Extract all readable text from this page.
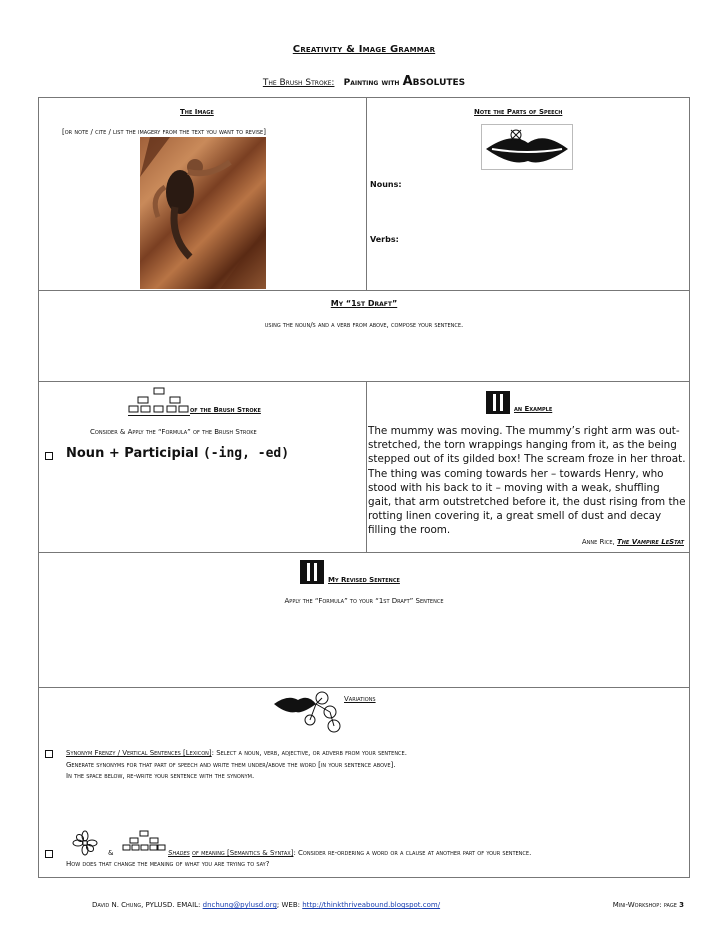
Creativity & Image Grammar
The Brush Stroke: Painting with Absolutes
The Image
[or note / cite / list the imagery from the text you want to revise]
Note the Parts of Speech
Nouns:
Verbs:
My “1st Draft”
using the noun/s and a verb from above, compose your sentence.
of the Brush Stroke
Consider & Apply the “Formula” of the Brush Stroke
Noun + Participial (-ing, -ed)
an Example
The mummy was moving. The mummy’s right arm was out-stretched, the torn wrappings hanging from it, as the being stepped out of its gilded box! The scream froze in her throat. The thing was coming towards her – towards Henry, who stood with his back to it – moving with a weak, shuffling gait, that arm outstretched before it, the dust rising from the rotting linen covering it, a great smell of dust and decay filling the room.
Anne Rice, The Vampire LeStat
My Revised Sentence
Apply the “Formula” to your “1st Draft” Sentence
Variations
Synonym Frenzy / Vertical Sentences [Lexicon]: Select a noun, verb, adjective, or adverb from your sentence.
Generate synonyms for that part of speech and write them under/above the word [in your sentence above].
In the space below, re-write your sentence with the synonym.
&	Shades of meaning [Semantics & Syntax]: Consider re-ordering a word or a clause at another part of your sentence.
How does that change the meaning of what you are trying to say?
David N. Chung, PYLUSD. EMAIL: dnchung@pylusd.org; WEB: http://thinkthriveabound.blogspot.com/	Mini-Workshop: page 3
